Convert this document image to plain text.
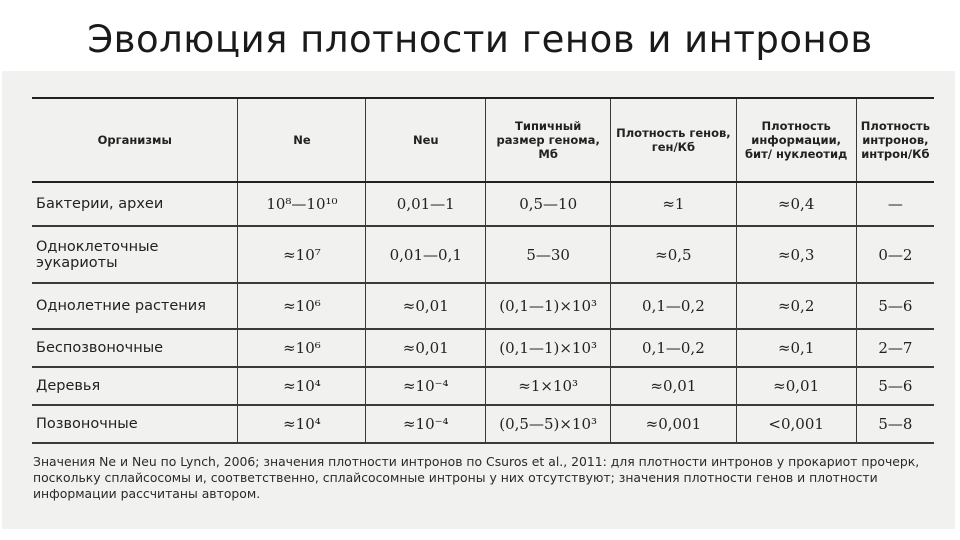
Эволюция плотности генов и интронов
Организмы	Ne	Neu	Типичный размер генома, Мб	Плотность генов, ген/Кб	Плотность информации, бит/ нуклеотид	Плотность интронов, интрон/Кб
Бактерии, археи	10⁸—10¹⁰	0,01—1	0,5—10	≈1	≈0,4	—
Одноклеточные эукариоты	≈10⁷	0,01—0,1	5—30	≈0,5	≈0,3	0—2
Однолетние растения	≈10⁶	≈0,01	(0,1—1)×10³	0,1—0,2	≈0,2	5—6
Беспозвоночные	≈10⁶	≈0,01	(0,1—1)×10³	0,1—0,2	≈0,1	2—7
Деревья	≈10⁴	≈10⁻⁴	≈1×10³	≈0,01	≈0,01	5—6
Позвоночные	≈10⁴	≈10⁻⁴	(0,5—5)×10³	≈0,001	<0,001	5—8
Значения Ne и Neu по Lynch, 2006; значения плотности интронов по Csuros et al., 2011: для плотности интронов у прокариот прочерк, поскольку сплайсосомы и, соответственно, сплайсосомные интроны у них отсутствуют; значения плотности генов и плотности информации рассчитаны автором.
